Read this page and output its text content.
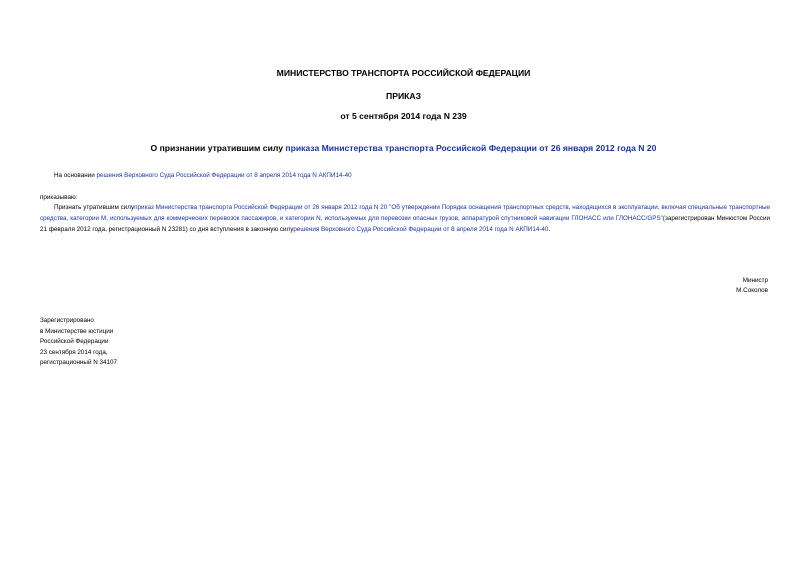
МИНИСТЕРСТВО ТРАНСПОРТА РОССИЙСКОЙ ФЕДЕРАЦИИ
ПРИКАЗ
от 5 сентября 2014 года N 239
О признании утратившим силу приказа Министерства транспорта Российской Федерации от 26 января 2012 года N 20
На основании решения Верховного Суда Российской Федерации от 8 апреля 2014 года N АКПИ14-40
приказываю:
Признать утратившим силуприказ Министерства транспорта Российской Федерации от 26 января 2012 года N 20 "Об утверждении Порядка оснащения транспортных средств, находящихся в эксплуатации, включая специальные транспортные средства, категории M, используемых для коммерческих перевозок пассажиров, и категории N, используемых для перевозки опасных грузов, аппаратурой спутниковой навигации ГЛОНАСС или ГЛОНАСС/GPS"(зарегистрирован Минюстом России 21 февраля 2012 года, регистрационный N 23281) со дня вступления в законную силурешения Верховного Суда Российской Федерации от 8 апреля 2014 года N АКПИ14-40.
Министр
М.Соколов
Зарегистрировано
в Министерстве юстиции
Российской Федерации
23 сентября 2014 года,
регистрационный N 34107
